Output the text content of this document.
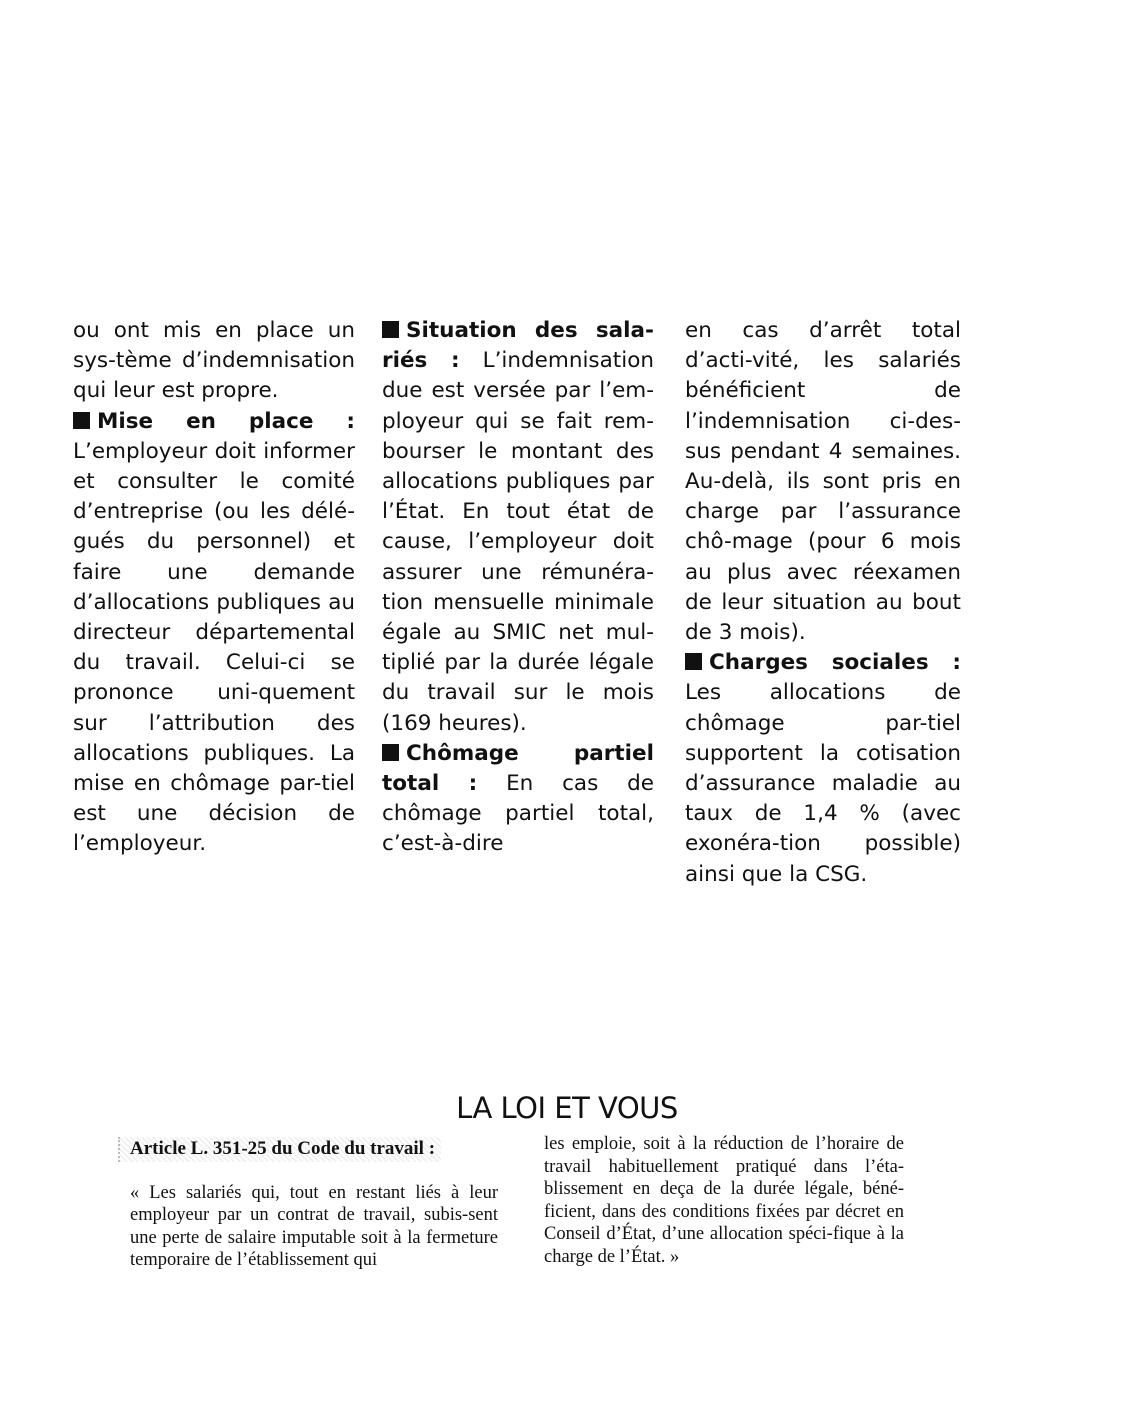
ou ont mis en place un sys-tème d’indemnisation qui leur est propre.

Mise en place : L’employeur doit informer et consulter le comité d’entreprise (ou les délé-gués du personnel) et faire une demande d’allocations publiques au directeur départemental du travail. Celui-ci se prononce uni-quement sur l’attribution des allocations publiques. La mise en chômage par-tiel est une décision de l’employeur.

Situation des sala-riés : L’indemnisation due est versée par l’em-ployeur qui se fait rem-bourser le montant des allocations publiques par l’État. En tout état de cause, l’employeur doit assurer une rémunéra-tion mensuelle minimale égale au SMIC net mul-tiplié par la durée légale du travail sur le mois (169 heures).

Chômage partiel total : En cas de chômage partiel total, c’est-à-dire

en cas d’arrêt total d’acti-vité, les salariés bénéficient de l’indemnisation ci-des-sus pendant 4 semaines. Au-delà, ils sont pris en charge par l’assurance chô-mage (pour 6 mois au plus avec réexamen de leur situation au bout de 3 mois).

Charges sociales : Les allocations de chômage par-tiel supportent la cotisation d’assurance maladie au taux de 1,4 % (avec exonéra-tion possible) ainsi que la CSG.

LA LOI ET VOUS
Article L. 351-25 du Code du travail :

« Les salariés qui, tout en restant liés à leur employeur par un contrat de travail, subis-sent une perte de salaire imputable soit à la fermeture temporaire de l’établissement qui

les emploie, soit à la réduction de l’horaire de travail habituellement pratiqué dans l’éta-blissement en deça de la durée légale, béné-ficient, dans des conditions fixées par décret en Conseil d’État, d’une allocation spéci-fique à la charge de l’État. »
